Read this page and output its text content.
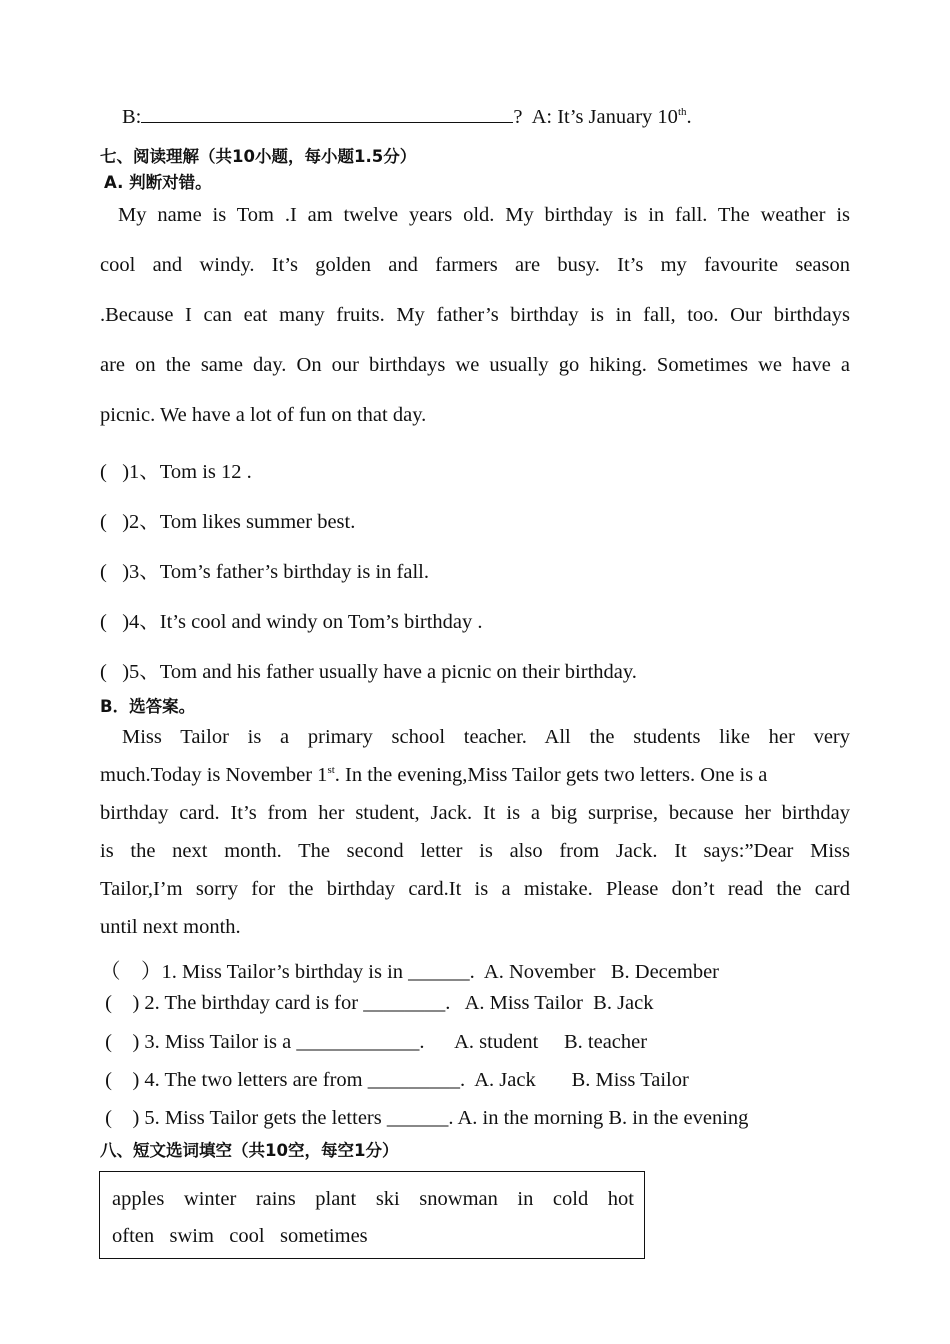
B:	? A: It’s January 10th.
七、阅读理解（共10小题，每小题1.5分）
A. 判断对错。
My name is Tom .I am twelve years old. My birthday is in fall. The weather is
cool and windy. It’s golden and farmers are busy. It’s my favourite season
.Because I can eat many fruits. My father’s birthday is in fall, too. Our birthdays
are on the same day. On our birthdays we usually go hiking. Sometimes we have a
picnic. We have a lot of fun on that day.
(   )1、Tom is 12 .
(   )2、Tom likes summer best.
(   )3、Tom’s father’s birthday is in fall.
(   )4、It’s cool and windy on Tom’s birthday .
(   )5、Tom and his father usually have a picnic on their birthday.
B．选答案。
Miss Tailor is a primary school teacher. All the students like her very
much.Today is November 1st. In the evening,Miss Tailor gets two letters. One is a
birthday card. It’s from her student, Jack. It is a big surprise, because her birthday
is the next month. The second letter is also from Jack. It says:”Dear Miss
Tailor,I’m sorry for the birthday card.It is a mistake. Please don’t read the card
until next month.
（    ）1. Miss Tailor’s birthday is in ______.  A. November   B. December
(    ) 2. The birthday card is for ________.   A. Miss Tailor  B. Jack
(    ) 3. Miss Tailor is a ____________.      A. student     B. teacher
(    ) 4. The two letters are from _________.  A. Jack       B. Miss Tailor
(    ) 5. Miss Tailor gets the letters ______. A. in the morning B. in the evening
八、短文选词填空（共10空，每空1分）
apples winter rains plant ski snowman in cold hot
often   swim   cool   sometimes
